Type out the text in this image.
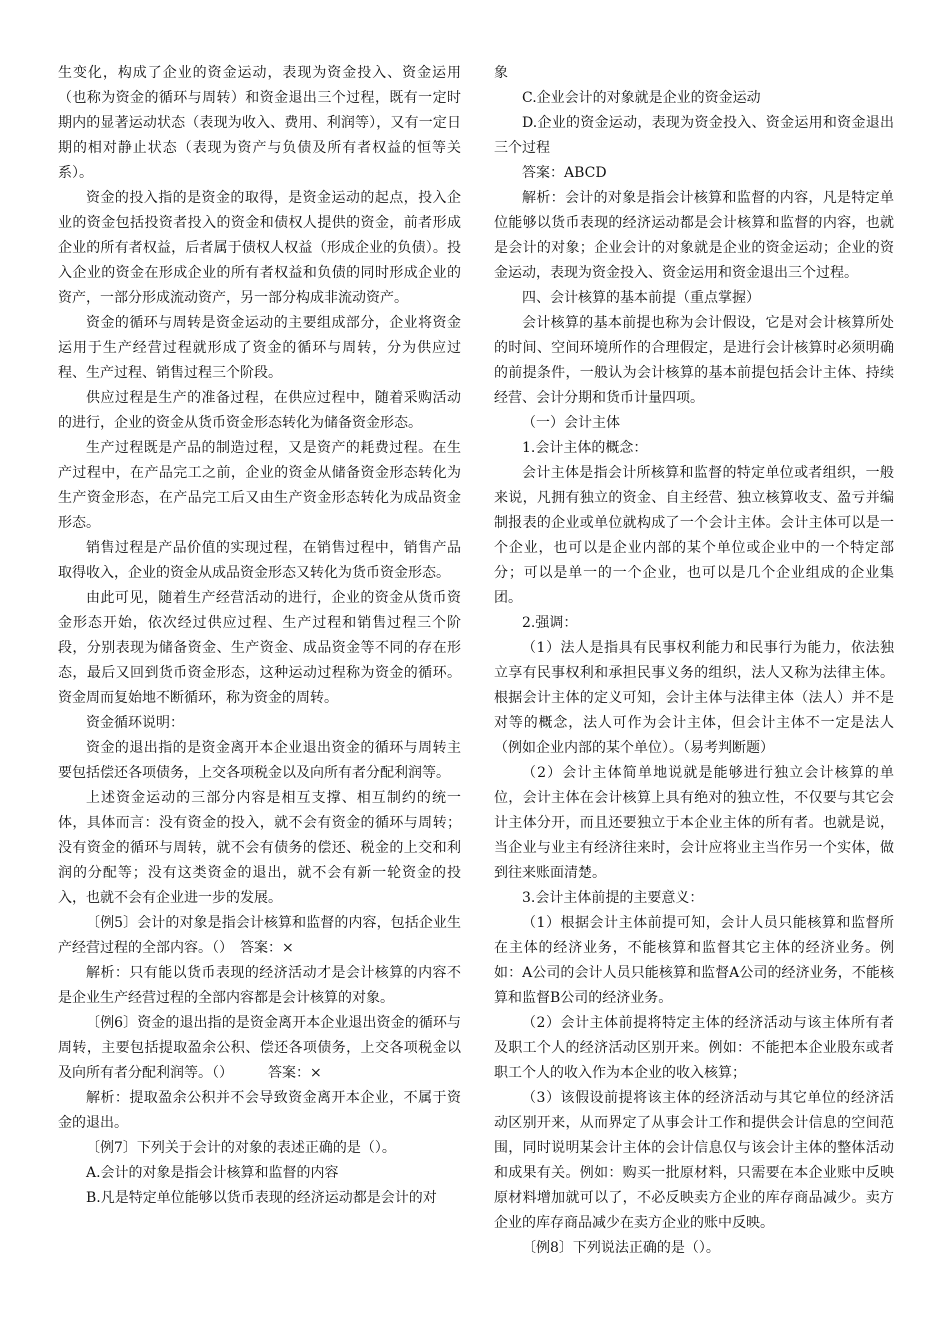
生变化，构成了企业的资金运动，表现为资金投入、资金运用（也称为资金的循环与周转）和资金退出三个过程，既有一定时期内的显著运动状态（表现为收入、费用、利润等），又有一定日期的相对静止状态（表现为资产与负债及所有者权益的恒等关系）。

资金的投入指的是资金的取得，是资金运动的起点，投入企业的资金包括投资者投入的资金和债权人提供的资金，前者形成企业的所有者权益，后者属于债权人权益（形成企业的负债）。投入企业的资金在形成企业的所有者权益和负债的同时形成企业的资产，一部分形成流动资产，另一部分构成非流动资产。

资金的循环与周转是资金运动的主要组成部分，企业将资金运用于生产经营过程就形成了资金的循环与周转，分为供应过程、生产过程、销售过程三个阶段。

供应过程是生产的准备过程，在供应过程中，随着采购活动的进行，企业的资金从货币资金形态转化为储备资金形态。

生产过程既是产品的制造过程，又是资产的耗费过程。在生产过程中，在产品完工之前，企业的资金从储备资金形态转化为生产资金形态，在产品完工后又由生产资金形态转化为成品资金形态。

销售过程是产品价值的实现过程，在销售过程中，销售产品取得收入，企业的资金从成品资金形态又转化为货币资金形态。

由此可见，随着生产经营活动的进行，企业的资金从货币资金形态开始，依次经过供应过程、生产过程和销售过程三个阶段，分别表现为储备资金、生产资金、成品资金等不同的存在形态，最后又回到货币资金形态，这种运动过程称为资金的循环。资金周而复始地不断循环，称为资金的周转。

资金循环说明：

资金的退出指的是资金离开本企业退出资金的循环与周转主要包括偿还各项债务，上交各项税金以及向所有者分配利润等。

上述资金运动的三部分内容是相互支撑、相互制约的统一体，具体而言：没有资金的投入，就不会有资金的循环与周转；没有资金的循环与周转，就不会有债务的偿还、税金的上交和利润的分配等；没有这类资金的退出，就不会有新一轮资金的投入，也就不会有企业进一步的发展。

〔例5〕会计的对象是指会计核算和监督的内容，包括企业生产经营过程的全部内容。（）　答案：×

解析：只有能以货币表现的经济活动才是会计核算的内容不是企业生产经营过程的全部内容都是会计核算的对象。

〔例6〕资金的退出指的是资金离开本企业退出资金的循环与周转，主要包括提取盈余公积、偿还各项债务，上交各项税金以及向所有者分配利润等。（）　　　答案：×

解析：提取盈余公积并不会导致资金离开本企业，不属于资金的退出。

〔例7〕下列关于会计的对象的表述正确的是（）。

A.会计的对象是指会计核算和监督的内容

B.凡是特定单位能够以货币表现的经济运动都是会计的对

象

C.企业会计的对象就是企业的资金运动

D.企业的资金运动，表现为资金投入、资金运用和资金退出三个过程

答案：ABCD

解析：会计的对象是指会计核算和监督的内容，凡是特定单位能够以货币表现的经济运动都是会计核算和监督的内容，也就是会计的对象；企业会计的对象就是企业的资金运动；企业的资金运动，表现为资金投入、资金运用和资金退出三个过程。

四、会计核算的基本前提（重点掌握）

会计核算的基本前提也称为会计假设，它是对会计核算所处的时间、空间环境所作的合理假定，是进行会计核算时必须明确的前提条件，一般认为会计核算的基本前提包括会计主体、持续经营、会计分期和货币计量四项。

（一）会计主体

1.会计主体的概念：

会计主体是指会计所核算和监督的特定单位或者组织，一般来说，凡拥有独立的资金、自主经营、独立核算收支、盈亏并编制报表的企业或单位就构成了一个会计主体。会计主体可以是一个企业，也可以是企业内部的某个单位或企业中的一个特定部分；可以是单一的一个企业，也可以是几个企业组成的企业集团。

2.强调：

（1）法人是指具有民事权利能力和民事行为能力，依法独立享有民事权利和承担民事义务的组织，法人又称为法律主体。根据会计主体的定义可知，会计主体与法律主体（法人）并不是对等的概念，法人可作为会计主体，但会计主体不一定是法人（例如企业内部的某个单位）。（易考判断题）

（2）会计主体简单地说就是能够进行独立会计核算的单位，会计主体在会计核算上具有绝对的独立性，不仅要与其它会计主体分开，而且还要独立于本企业主体的所有者。也就是说，当企业与业主有经济往来时，会计应将业主当作另一个实体，做到往来账面清楚。

3.会计主体前提的主要意义：

（1）根据会计主体前提可知，会计人员只能核算和监督所在主体的经济业务，不能核算和监督其它主体的经济业务。例如：A公司的会计人员只能核算和监督A公司的经济业务，不能核算和监督B公司的经济业务。

（2）会计主体前提将特定主体的经济活动与该主体所有者及职工个人的经济活动区别开来。例如：不能把本企业股东或者职工个人的收入作为本企业的收入核算；

（3）该假设前提将该主体的经济活动与其它单位的经济活动区别开来，从而界定了从事会计工作和提供会计信息的空间范围，同时说明某会计主体的会计信息仅与该会计主体的整体活动和成果有关。例如：购买一批原材料，只需要在本企业账中反映原材料增加就可以了，不必反映卖方企业的库存商品减少。卖方企业的库存商品减少在卖方企业的账中反映。

〔例8〕下列说法正确的是（）。
